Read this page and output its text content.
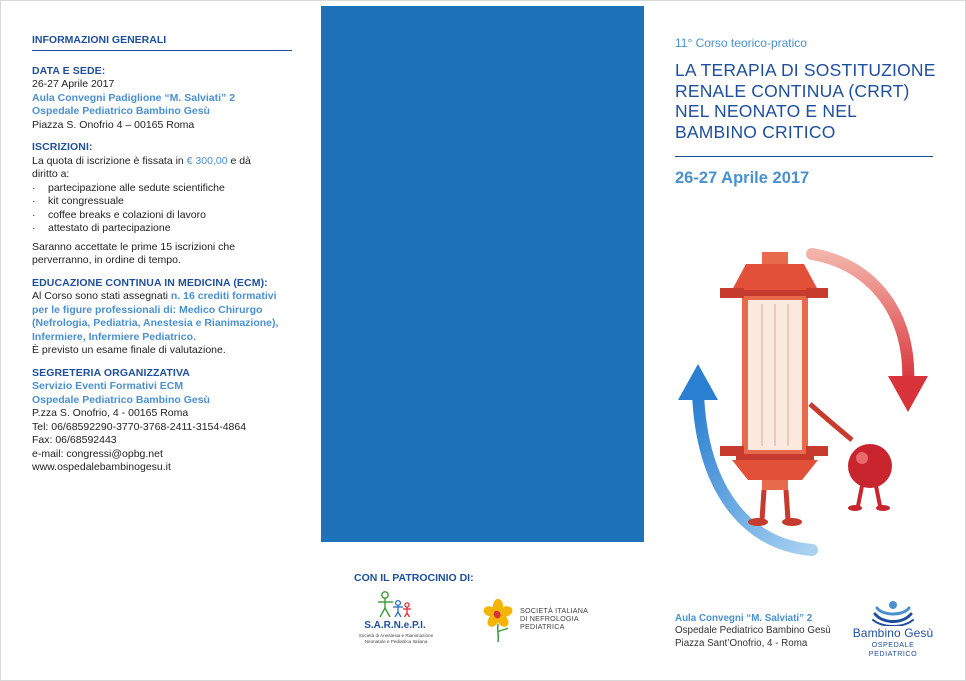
INFORMAZIONI GENERALI
DATA E SEDE:
26-27 Aprile 2017
Aula Convegni Padiglione “M. Salviati” 2
Ospedale Pediatrico Bambino Gesù
Piazza S. Onofrio 4 – 00165 Roma
ISCRIZIONI:
La quota di iscrizione è fissata in € 300,00 e dà
diritto a:
· partecipazione alle sedute scientifiche
· kit congressuale
· coffee breaks e colazioni di lavoro
· attestato di partecipazione
Saranno accettate le prime 15 iscrizioni che
perverranno, in ordine di tempo.
EDUCAZIONE CONTINUA IN MEDICINA (ECM):
Al Corso sono stati assegnati n. 16 crediti formativi
per le figure professionali di: Medico Chirurgo
(Nefrologia, Pediatria, Anestesia e Rianimazione),
Infermiere, Infermiere Pediatrico.
È previsto un esame finale di valutazione.
SEGRETERIA ORGANIZZATIVA
Servizio Eventi Formativi ECM
Ospedale Pediatrico Bambino Gesù
P.zza S. Onofrio, 4 - 00165 Roma
Tel: 06/68592290-3770-3768-2411-3154-4864
Fax: 06/68592443
e-mail: congressi@opbg.net
www.ospedalebambinogesu.it
CON IL PATROCINIO DI:
S.A.R.N.e.P.I.
Società di Anestesia e Rianimazione
Neonatale e Pediatrica Italiana
SOCIETÀ ITALIANA
DI NEFROLOGIA
PEDIATRICA
11° Corso teorico-pratico
LA TERAPIA DI SOSTITUZIONE
RENALE CONTINUA (CRRT)
NEL NEONATO E NEL
BAMBINO CRITICO
26-27 Aprile 2017
Aula Convegni “M. Salviati” 2
Ospedale Pediatrico Bambino Gesù
Piazza Sant’Onofrio, 4 - Roma
Bambino Gesù
OSPEDALE PEDIATRICO
